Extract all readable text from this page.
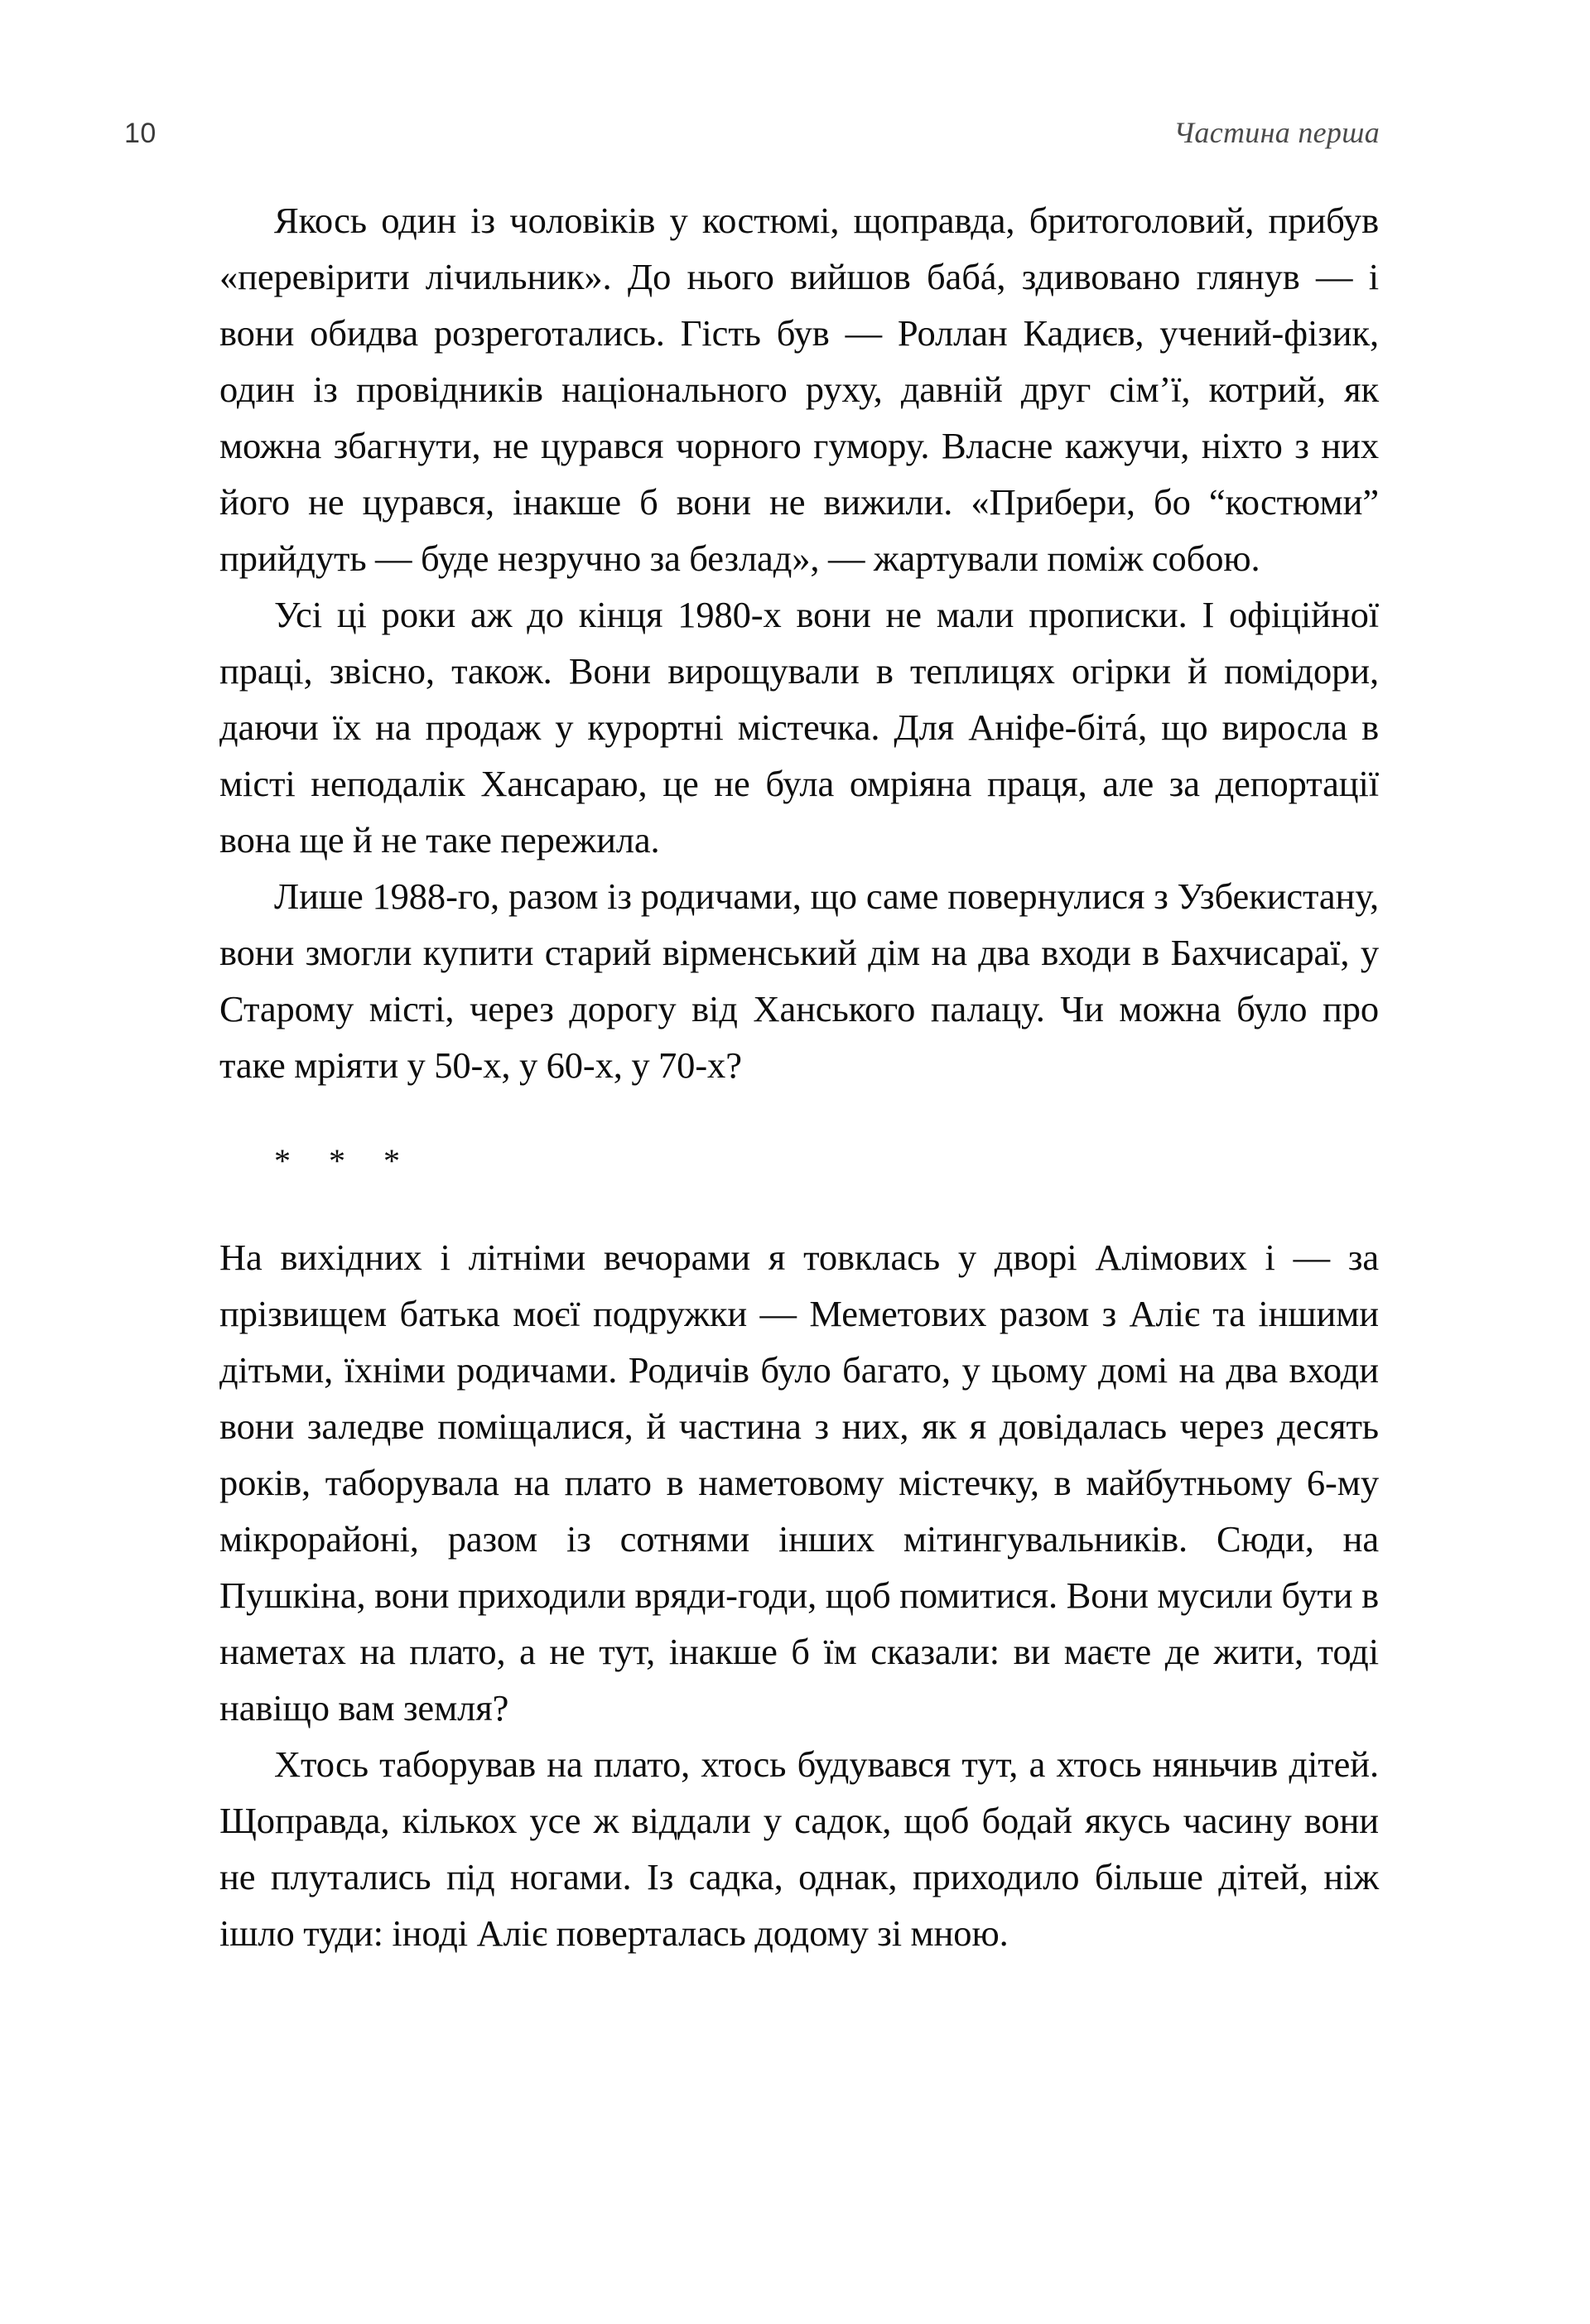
10	Частина перша

Якось один із чоловіків у костюмі, щоправда, бритоголовий, прибув «перевірити лічильник». До нього вийшов бабá, здивовано глянув — і вони обидва розреготались. Гість був — Роллан Кадиєв, учений-фізик, один із провідників національного руху, давній друг сім’ї, котрий, як можна збагнути, не цурався чорного гумору. Власне кажучи, ніхто з них його не цурався, інакше б вони не вижили. «Прибери, бо “костюми” прийдуть — буде незручно за безлад», — жартували поміж собою.

Усі ці роки аж до кінця 1980-х вони не мали прописки. І офіційної праці, звісно, також. Вони вирощували в теплицях огірки й помідори, даючи їх на продаж у курортні містечка. Для Аніфе-бітá, що виросла в місті неподалік Хансараю, це не була омріяна праця, але за депортації вона ще й не таке пережила.

Лише 1988-го, разом із родичами, що саме повернулися з Узбекистану, вони змогли купити старий вірменський дім на два входи в Бахчисараї, у Старому місті, через дорогу від Ханського палацу. Чи можна було про таке мріяти у 50-х, у 60-х, у 70-х?

* * *

На вихідних і літніми вечорами я товклась у дворі Алімових і — за прізвищем батька моєї подружки — Меметових разом з Аліє та іншими дітьми, їхніми родичами. Родичів було багато, у цьому домі на два входи вони заледве поміщалися, й частина з них, як я довідалась через десять років, таборувала на плато в наметовому містечку, в майбутньому 6-му мікрорайоні, разом із сотнями інших мітингувальників. Сюди, на Пушкіна, вони приходили вряди-годи, щоб помитися. Вони мусили бути в наметах на плато, а не тут, інакше б їм сказали: ви маєте де жити, тоді навіщо вам земля?

Хтось таборував на плато, хтось будувався тут, а хтось няньчив дітей. Щоправда, кількох усе ж віддали у садок, щоб бодай якусь часину вони не плутались під ногами. Із садка, однак, приходило більше дітей, ніж ішло туди: іноді Аліє поверталась додому зі мною.
